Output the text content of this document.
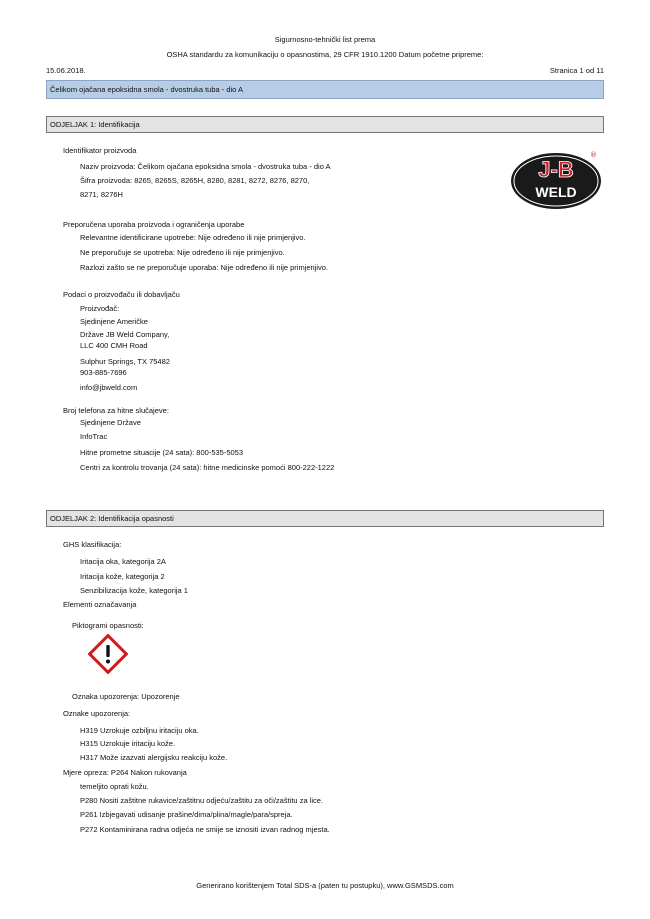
Sigurnosno-tehnički list prema
OSHA standardu za komunikaciju o opasnostima, 29 CFR 1910.1200 Datum početne pripreme:
15.06.2018.	Stranica 1 od 11
Čelikom ojačana epoksidna smola - dvostruka tuba - dio A
ODJELJAK 1: Identifikacija
Identifikator proizvoda
Naziv proizvoda: Čelikom ojačana epoksidna smola - dvostruka tuba - dio A
Šifra proizvoda: 8265, 8265S, 8265H, 8280, 8281, 8272, 8276, 8270,
8271, 8276H
J-B
WELD
®
Preporučena uporaba proizvoda i ograničenja uporabe
Relevantne identificirane upotrebe: Nije određeno ili nije primjenjivo.
Ne preporučuje se upotreba: Nije određeno ili nije primjenjivo.
Razlozi zašto se ne preporučuje uporaba: Nije određeno ili nije primjenjivo.
Podaci o proizvođaču ili dobavljaču
Proizvođač:
Sjedinjene Američke
Države JB Weld Company,
LLC 400 CMH Road
Sulphur Springs, TX 75482
903-885-7696
info@jbweld.com
Broj telefona za hitne slučajeve:
Sjedinjene Države
InfoTrac
Hitne prometne situacije (24 sata): 800-535-5053
Centri za kontrolu trovanja (24 sata): hitne medicinske pomoći 800-222-1222
ODJELJAK 2: Identifikacija opasnosti
GHS klasifikacija:
Iritacija oka, kategorija 2A
Iritacija kože, kategorija 2
Senzibilizacija kože, kategorija 1
Elementi označavanja
Piktogrami opasnosti:
Oznaka upozorenja: Upozorenje
Oznake upozorenja:
H319 Uzrokuje ozbiljnu iritaciju oka.
H315 Uzrokuje iritaciju kože.
H317 Može izazvati alergijsku reakciju kože.
Mjere opreza: P264 Nakon rukovanja
temeljito oprati kožu.
P280 Nositi zaštitne rukavice/zaštitnu odjeću/zaštitu za oči/zaštitu za lice.
P261 Izbjegavati udisanje prašine/dima/plina/magle/para/spreja.
P272 Kontaminirana radna odjeća ne smije se iznositi izvan radnog mjesta.
Generirano korištenjem Total SDS-a (paten tu postupku), www.GSMSDS.com
